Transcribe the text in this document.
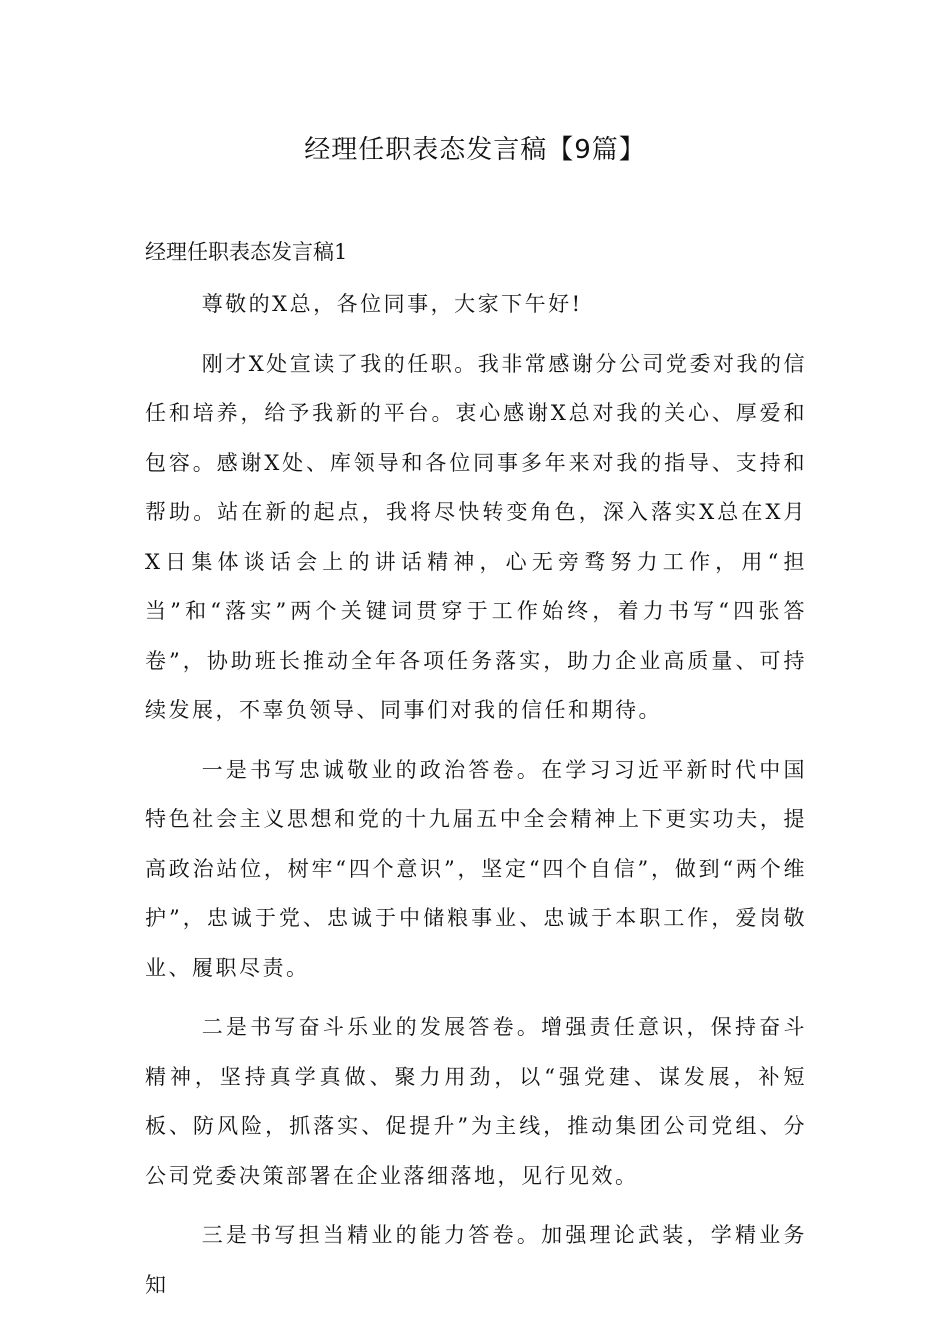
经理任职表态发言稿【9篇】
经理任职表态发言稿1

尊敬的X总，各位同事，大家下午好!

刚才X处宣读了我的任职。我非常感谢分公司党委对我的信任和培养，给予我新的平台。衷心感谢X总对我的关心、厚爱和包容。感谢X处、库领导和各位同事多年来对我的指导、支持和帮助。站在新的起点，我将尽快转变角色，深入落实X总在X月X日集体谈话会上的讲话精神，心无旁骛努力工作，用“担当”和“落实”两个关键词贯穿于工作始终，着力书写“四张答卷”，协助班长推动全年各项任务落实，助力企业高质量、可持续发展，不辜负领导、同事们对我的信任和期待。

一是书写忠诚敬业的政治答卷。在学习习近平新时代中国特色社会主义思想和党的十九届五中全会精神上下更实功夫，提高政治站位，树牢“四个意识”，坚定“四个自信”，做到“两个维护”，忠诚于党、忠诚于中储粮事业、忠诚于本职工作，爱岗敬业、履职尽责。

二是书写奋斗乐业的发展答卷。增强责任意识，保持奋斗精神，坚持真学真做、聚力用劲，以“强党建、谋发展，补短板、防风险，抓落实、促提升”为主线，推动集团公司党组、分公司党委决策部署在企业落细落地，见行见效。

三是书写担当精业的能力答卷。加强理论武装，学精业务知
